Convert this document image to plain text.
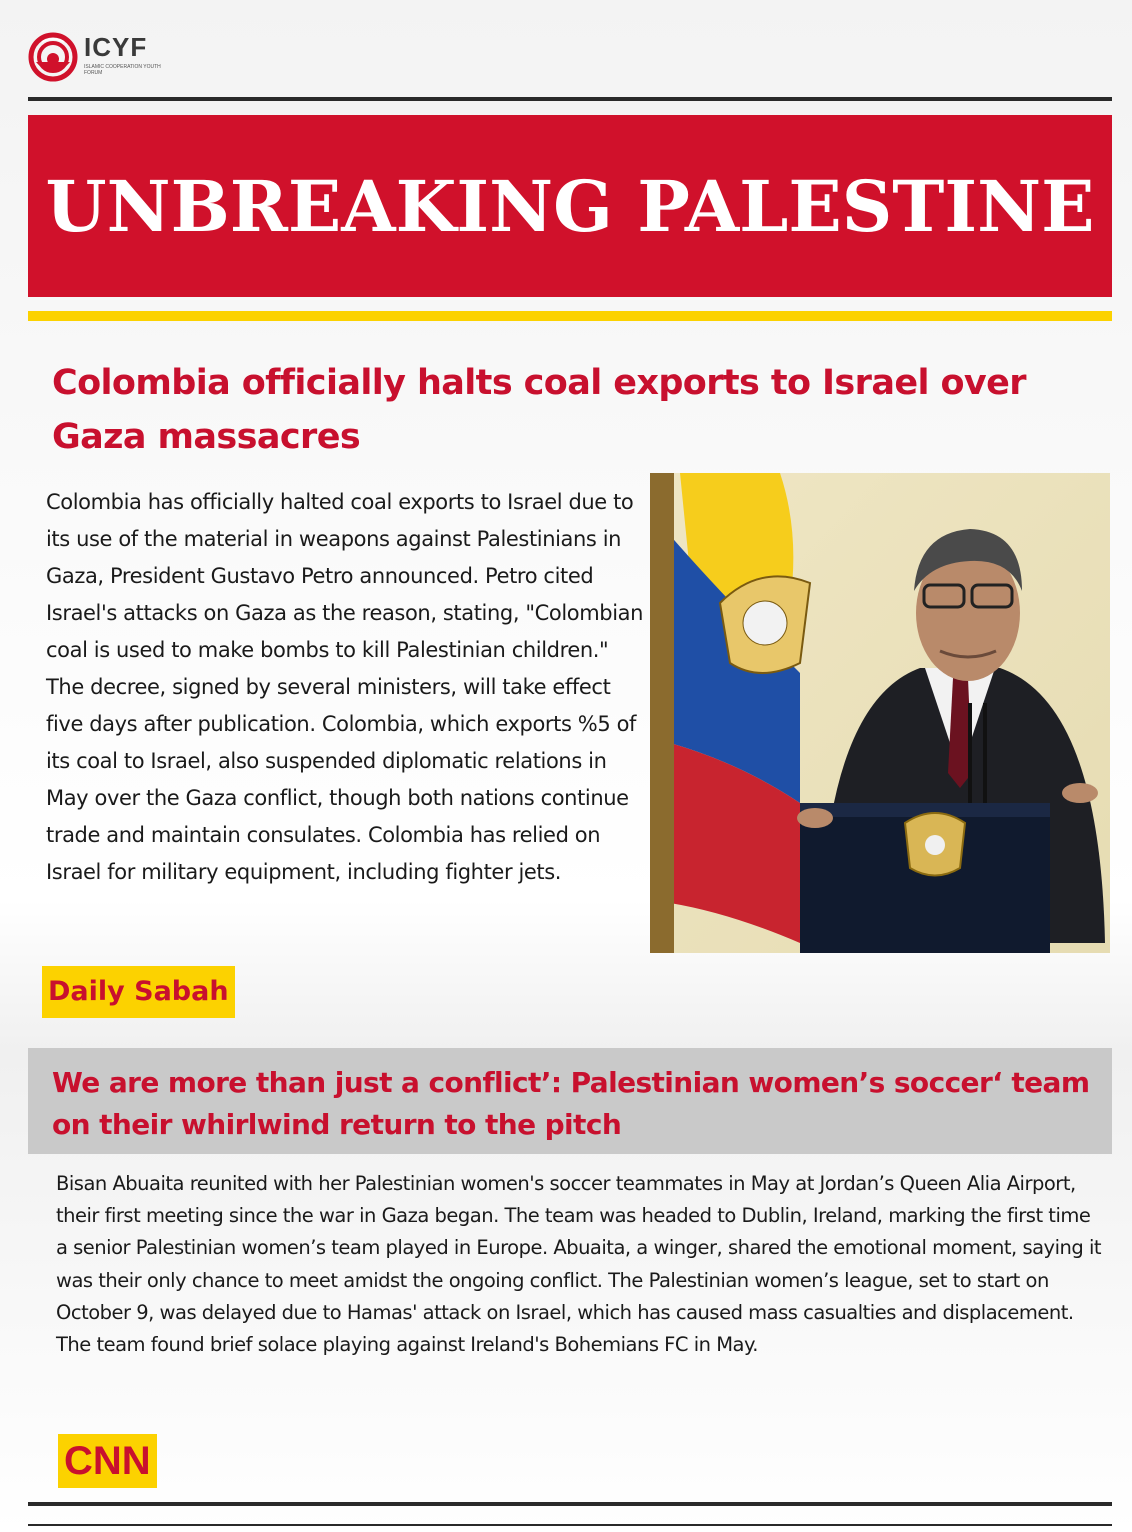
ICYF
ISLAMIC COOPERATION YOUTH FORUM
UNBREAKING PALESTINE
Colombia officially halts coal exports to Israel over Gaza massacres

Colombia has officially halted coal exports to Israel due to its use of the material in weapons against Palestinians in Gaza, President Gustavo Petro announced. Petro cited Israel's attacks on Gaza as the reason, stating, "Colombian coal is used to make bombs to kill Palestinian children." The decree, signed by several ministers, will take effect five days after publication. Colombia, which exports %5 of its coal to Israel, also suspended diplomatic relations in May over the Gaza conflict, though both nations continue trade and maintain consulates. Colombia has relied on Israel for military equipment, including fighter jets.

Daily Sabah
We are more than just a conflict’: Palestinian women’s soccer‘ team on their whirlwind return to the pitch

Bisan Abuaita reunited with her Palestinian women's soccer teammates in May at Jordan’s Queen Alia Airport, their first meeting since the war in Gaza began. The team was headed to Dublin, Ireland, marking the first time a senior Palestinian women’s team played in Europe. Abuaita, a winger, shared the emotional moment, saying it was their only chance to meet amidst the ongoing conflict. The Palestinian women’s league, set to start on October 9, was delayed due to Hamas' attack on Israel, which has caused mass casualties and displacement. The team found brief solace playing against Ireland's Bohemians FC in May.

CNN
